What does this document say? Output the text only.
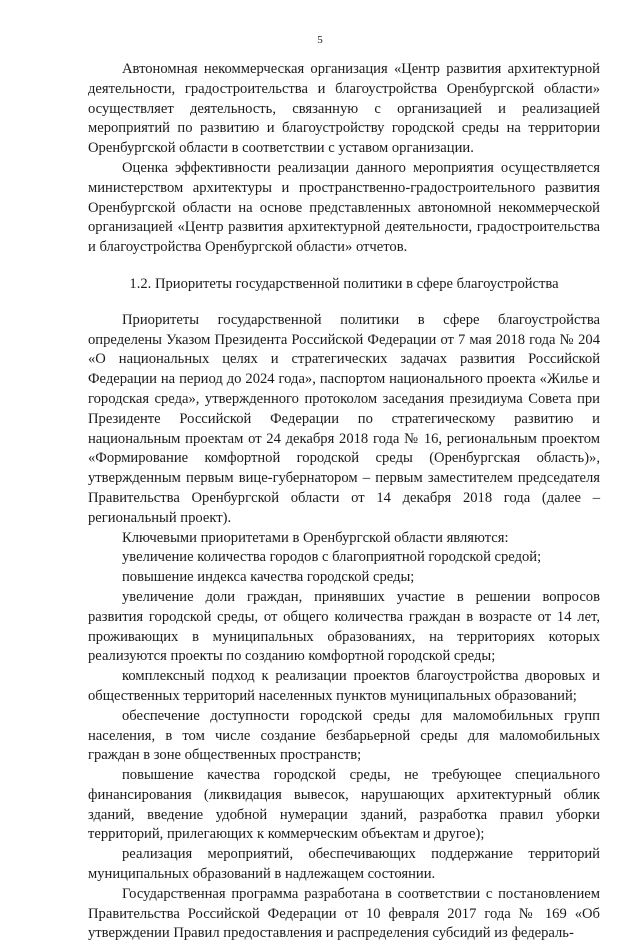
5

Автономная некоммерческая организация «Центр развития архитектурной деятельности, градостроительства и благоустройства Оренбургской области» осуществляет деятельность, связанную с организацией и реализацией мероприятий по развитию и благоустройству городской среды на территории Оренбургской области в соответствии с уставом организации.

Оценка эффективности реализации данного мероприятия осуществляется министерством архитектуры и пространственно-градостроительного развития Оренбургской области на основе представленных автономной некоммерческой организацией «Центр развития архитектурной деятельности, градостроительства и благоустройства Оренбургской области» отчетов.

1.2. Приоритеты государственной политики в сфере благоустройства

Приоритеты государственной политики в сфере благоустройства определены Указом Президента Российской Федерации от 7 мая 2018 года № 204 «О национальных целях и стратегических задачах развития Российской Федерации на период до 2024 года», паспортом национального проекта «Жилье и городская среда», утвержденного протоколом заседания президиума Совета при Президенте Российской Федерации по стратегическому развитию и национальным проектам от 24 декабря 2018 года № 16, региональным проектом «Формирование комфортной городской среды (Оренбургская область)», утвержденным первым вице-губернатором – первым заместителем председателя Правительства Оренбургской области от 14 декабря 2018 года (далее – региональный проект).

Ключевыми приоритетами в Оренбургской области являются:

увеличение количества городов с благоприятной городской средой;

повышение индекса качества городской среды;

увеличение доли граждан, принявших участие в решении вопросов развития городской среды, от общего количества граждан в возрасте от 14 лет, проживающих в муниципальных образованиях, на территориях которых реализуются проекты по созданию комфортной городской среды;

комплексный подход к реализации проектов благоустройства дворовых и общественных территорий населенных пунктов муниципальных образований;

обеспечение доступности городской среды для маломобильных групп населения, в том числе создание безбарьерной среды для маломобильных граждан в зоне общественных пространств;

повышение качества городской среды, не требующее специального финансирования (ликвидация вывесок, нарушающих архитектурный облик зданий, введение удобной нумерации зданий, разработка правил уборки территорий, прилегающих к коммерческим объектам и другое);

реализация мероприятий, обеспечивающих поддержание территорий муниципальных образований в надлежащем состоянии.

Государственная программа разработана в соответствии с постановлением Правительства Российской Федерации от 10 февраля 2017 года № 169 «Об утверждении Правил предоставления и распределения субсидий из федераль-
